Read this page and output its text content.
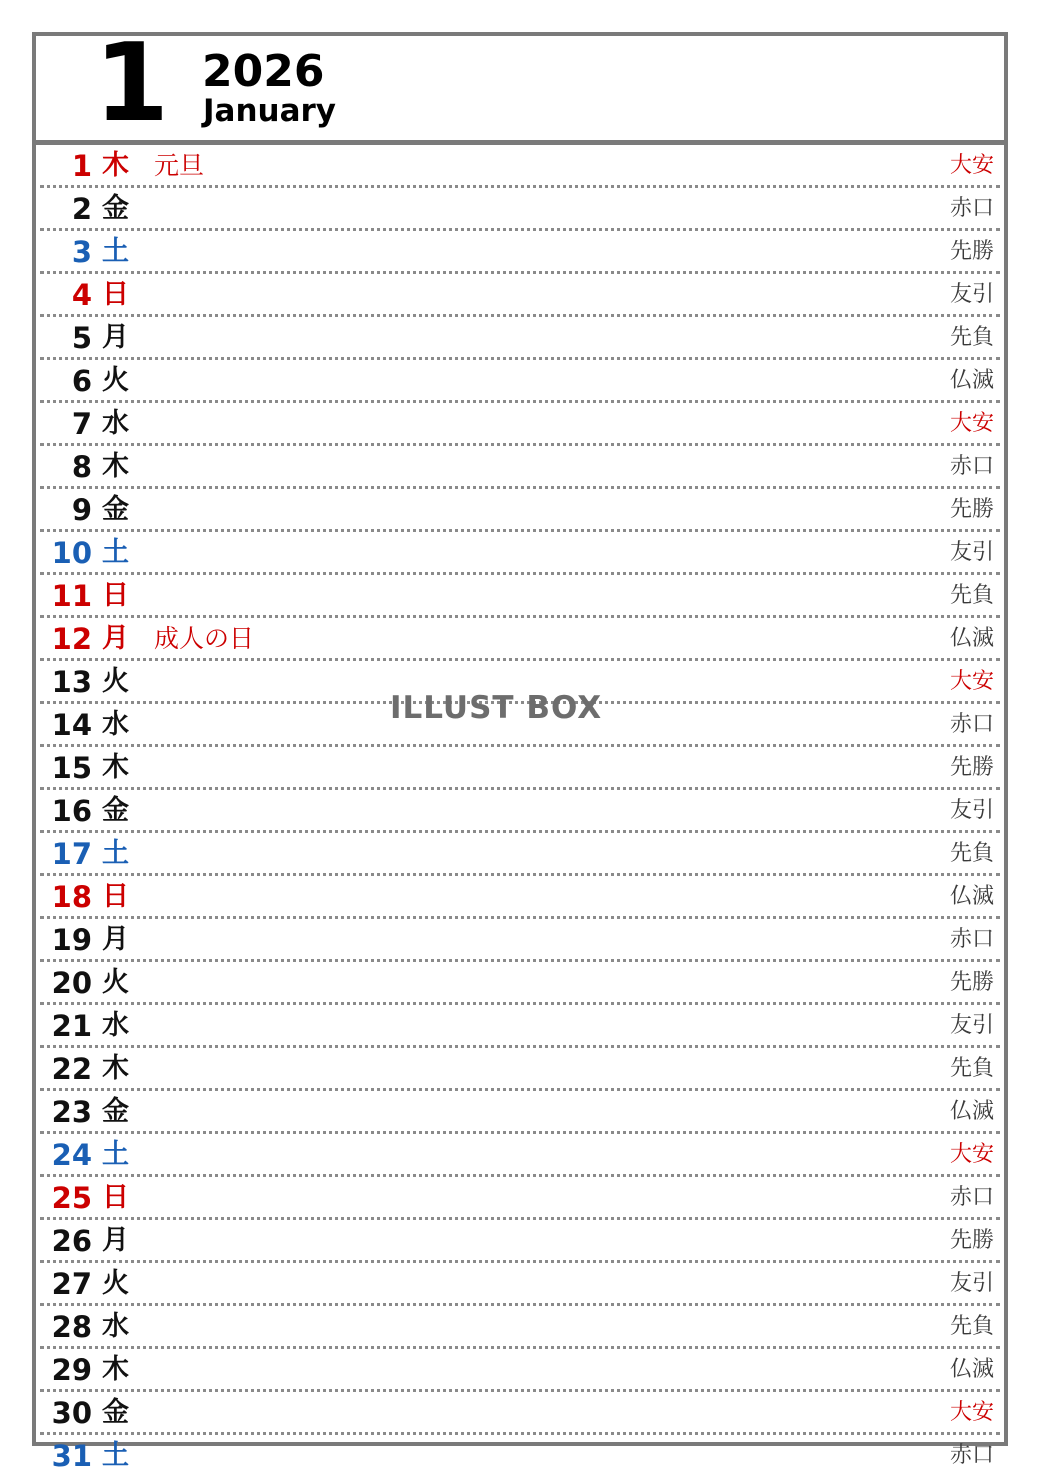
1 2026
January
1 木 元旦	大安
2 金	赤口
3 土	先勝
4 日	友引
5 月	先負
6 火	仏滅
7 水	大安
8 木	赤口
9 金	先勝
10 土	友引
11 日	先負
12 月 成人の日	仏滅
13 火	大安
14 水	赤口
15 木	先勝
16 金	友引
17 土	先負
18 日	仏滅
19 月	赤口
20 火	先勝
21 水	友引
22 木	先負
23 金	仏滅
24 土	大安
25 日	赤口
26 月	先勝
27 火	友引
28 水	先負
29 木	仏滅
30 金	大安
31 土	赤口
ILLUST BOX
